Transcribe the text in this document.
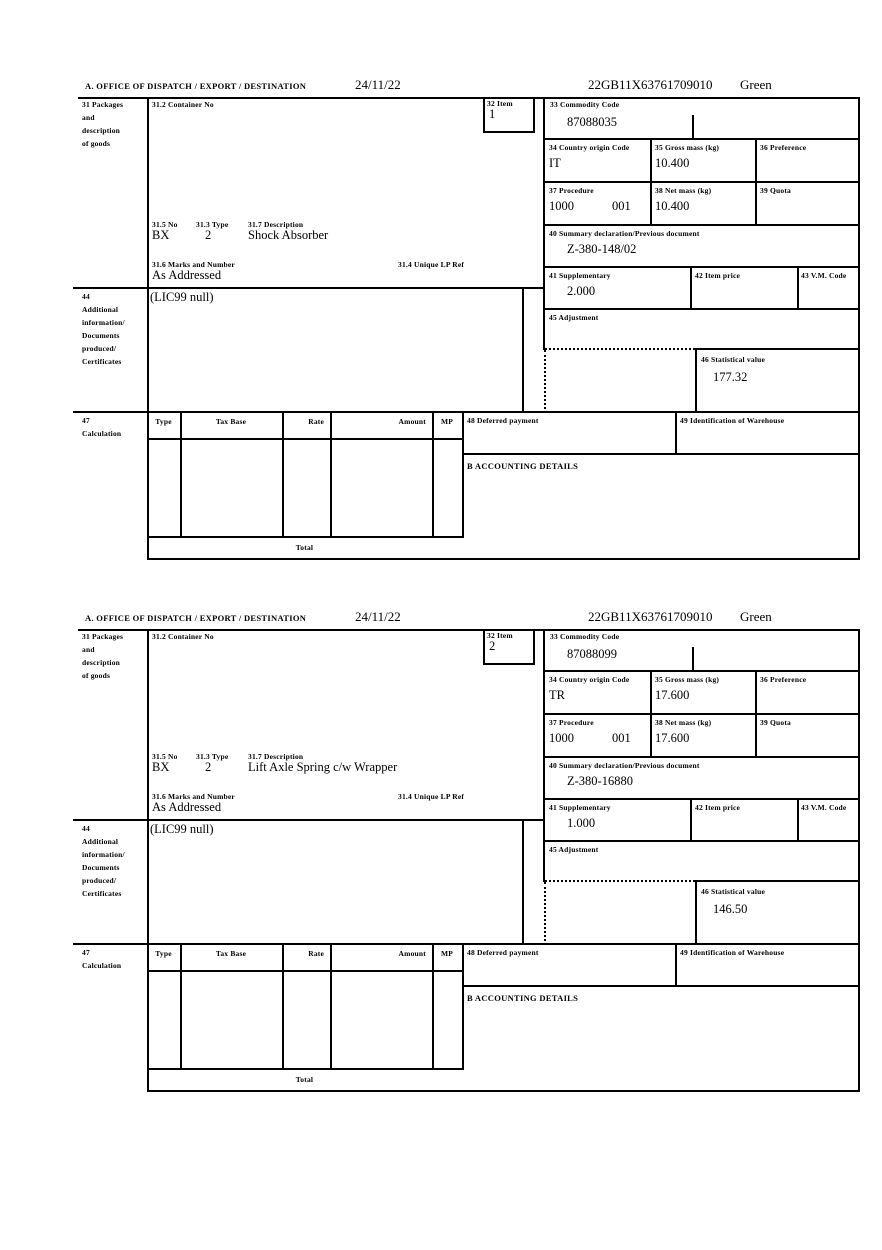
A. OFFICE OF DISPATCH / EXPORT / DESTINATION	24/11/22	22GB11X63761709010 Green
31 Packages
and
description
of goods
31.2 Container No	32 Item
1
33 Commodity Code
87088035
34 Country origin Code
IT
35 Gross mass (kg)
10.400
36 Preference
37 Procedure
1000	001
38 Net mass (kg)
10.400
39 Quota
40 Summary declaration/Previous document
Z-380-148/02
41 Supplementary
2.000
42 Item price	43 V.M. Code
45 Adjustment
46 Statistical value
177.32
31.5 No 31.3 Type	31.7 Description
BX	2	Shock Absorber
31.6 Marks and Number	31.4 Unique LP Ref
As Addressed
44
Additional
information/
Documents
produced/
Certificates
(LIC99 null)
47
Calculation
Type	Tax Base	Rate	Amount	MP	48 Deferred payment	49 Identification of Warehouse
B ACCOUNTING DETAILS
Total
A. OFFICE OF DISPATCH / EXPORT / DESTINATION	24/11/22	22GB11X63761709010 Green
31 Packages
and
description
of goods
31.2 Container No	32 Item
2
33 Commodity Code
87088099
34 Country origin Code
TR
35 Gross mass (kg)
17.600
36 Preference
37 Procedure
1000	001
38 Net mass (kg)
17.600
39 Quota
40 Summary declaration/Previous document
Z-380-16880
41 Supplementary
1.000
42 Item price	43 V.M. Code
45 Adjustment
46 Statistical value
146.50
31.5 No 31.3 Type	31.7 Description
BX	2	Lift Axle Spring c/w Wrapper
31.6 Marks and Number	31.4 Unique LP Ref
As Addressed
44
Additional
information/
Documents
produced/
Certificates
(LIC99 null)
47
Calculation
Type	Tax Base	Rate	Amount	MP	48 Deferred payment	49 Identification of Warehouse
B ACCOUNTING DETAILS
Total
